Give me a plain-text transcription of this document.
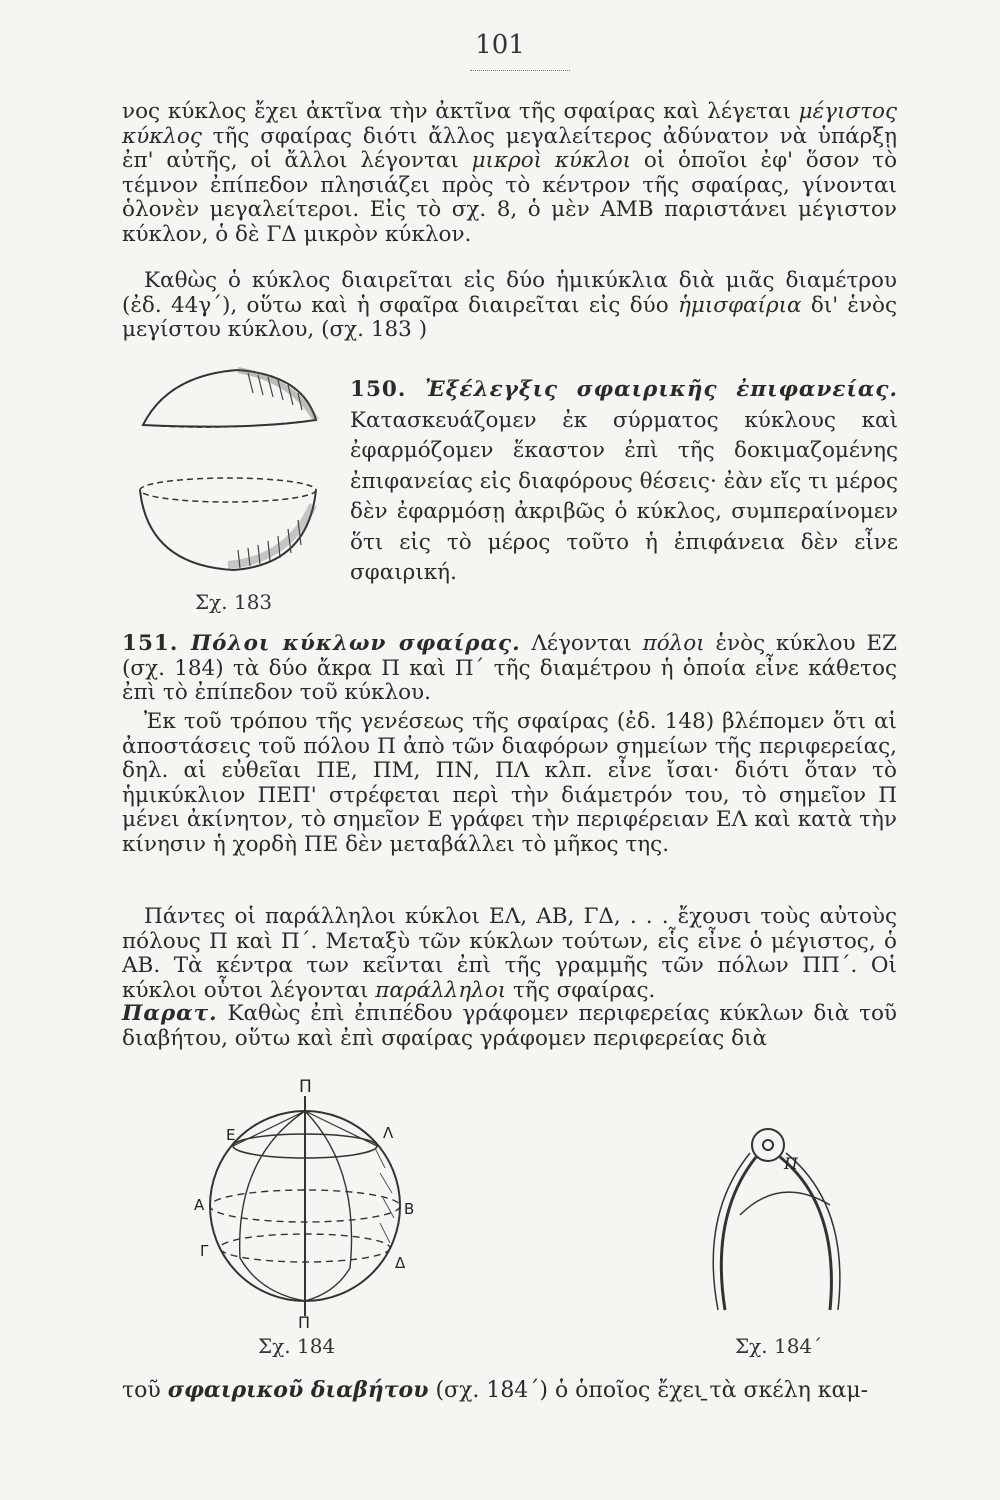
101

νος κύκλος ἔχει ἀκτῖνα τὴν ἀκτῖνα τῆς σφαίρας καὶ λέγεται μέγιστος κύκλος τῆς σφαίρας διότι ἄλλος μεγαλείτερος ἀδύνατον νὰ ὑπάρξῃ ἐπ' αὐτῆς, οἱ ἄλλοι λέγονται μικροὶ κύκλοι οἱ ὁποῖοι ἐφ' ὅσον τὸ τέμνον ἐπίπεδον πλησιάζει πρὸς τὸ κέντρον τῆς σφαίρας, γίνονται ὁλονὲν μεγαλείτεροι. Εἰς τὸ σχ. 8, ὁ μὲν ΑΜΒ παριστάνει μέγιστον κύκλον, ὁ δὲ ΓΔ μικρὸν κύκλον.

Καθὼς ὁ κύκλος διαιρεῖται εἰς δύο ἡμικύκλια διὰ μιᾶς διαμέτρου (ἐδ. 44γ΄), οὕτω καὶ ἡ σφαῖρα διαιρεῖται εἰς δύο ἡμισφαίρια δι' ἑνὸς μεγίστου κύκλου, (σχ. 183 )

Σχ. 183

150. Ἐξέλεγξις σφαιρικῆς ἐπιφανείας. Κατασκευάζομεν ἐκ σύρματος κύκλους καὶ ἐφαρμόζομεν ἕκαστον ἐπὶ τῆς δοκιμαζομένης ἐπιφανείας εἰς διαφόρους θέσεις· ἐὰν εἴς τι μέρος δὲν ἐφαρμόσῃ ἀκριβῶς ὁ κύκλος, συμπεραίνομεν ὅτι εἰς τὸ μέρος τοῦτο ἡ ἐπιφάνεια δὲν εἶνε σφαιρική.

151. Πόλοι κύκλων σφαίρας. Λέγονται πόλοι ἑνὸς κύκλου ΕΖ (σχ. 184) τὰ δύο ἄκρα Π καὶ Π΄ τῆς διαμέτρου ἡ ὁποία εἶνε κάθετος ἐπὶ τὸ ἐπίπεδον τοῦ κύκλου.

Ἐκ τοῦ τρόπου τῆς γενέσεως τῆς σφαίρας (ἐδ. 148) βλέπομεν ὅτι αἱ ἀποστάσεις τοῦ πόλου Π ἀπὸ τῶν διαφόρων σημείων τῆς περιφερείας, δηλ. αἱ εὐθεῖαι ΠΕ, ΠΜ, ΠΝ, ΠΛ κλπ. εἶνε ἴσαι· διότι ὅταν τὸ ἡμικύκλιον ΠΕΠ' στρέφεται περὶ τὴν διάμετρόν του, τὸ σημεῖον Π μένει ἀκίνητον, τὸ σημεῖον Ε γράφει τὴν περιφέρειαν ΕΛ καὶ κατὰ τὴν κίνησιν ἡ χορδὴ ΠΕ δὲν μεταβάλλει τὸ μῆκος της.

Πάντες οἱ παράλληλοι κύκλοι ΕΛ, ΑΒ, ΓΔ, . . . ἔχουσι τοὺς αὐτοὺς πόλους Π καὶ Π΄. Μεταξὺ τῶν κύκλων τούτων, εἷς εἶνε ὁ μέγιστος, ὁ ΑΒ. Τὰ κέντρα των κεῖνται ἐπὶ τῆς γραμμῆς τῶν πόλων ΠΠ΄. Οἱ κύκλοι οὗτοι λέγονται παράλληλοι τῆς σφαίρας.

Παρατ. Καθὼς ἐπὶ ἐπιπέδου γράφομεν περιφερείας κύκλων διὰ τοῦ διαβήτου, οὕτω καὶ ἐπὶ σφαίρας γράφομεν περιφερείας διὰ

Π
Ε	Λ
Α	Β
Γ
Δ
Π
Σχ. 184
Π
Σχ. 184΄
τοῦ σφαιρικοῦ διαβήτου (σχ. 184΄) ὁ ὁποῖος ἔχει ̱τὰ σκέλη καμ-
